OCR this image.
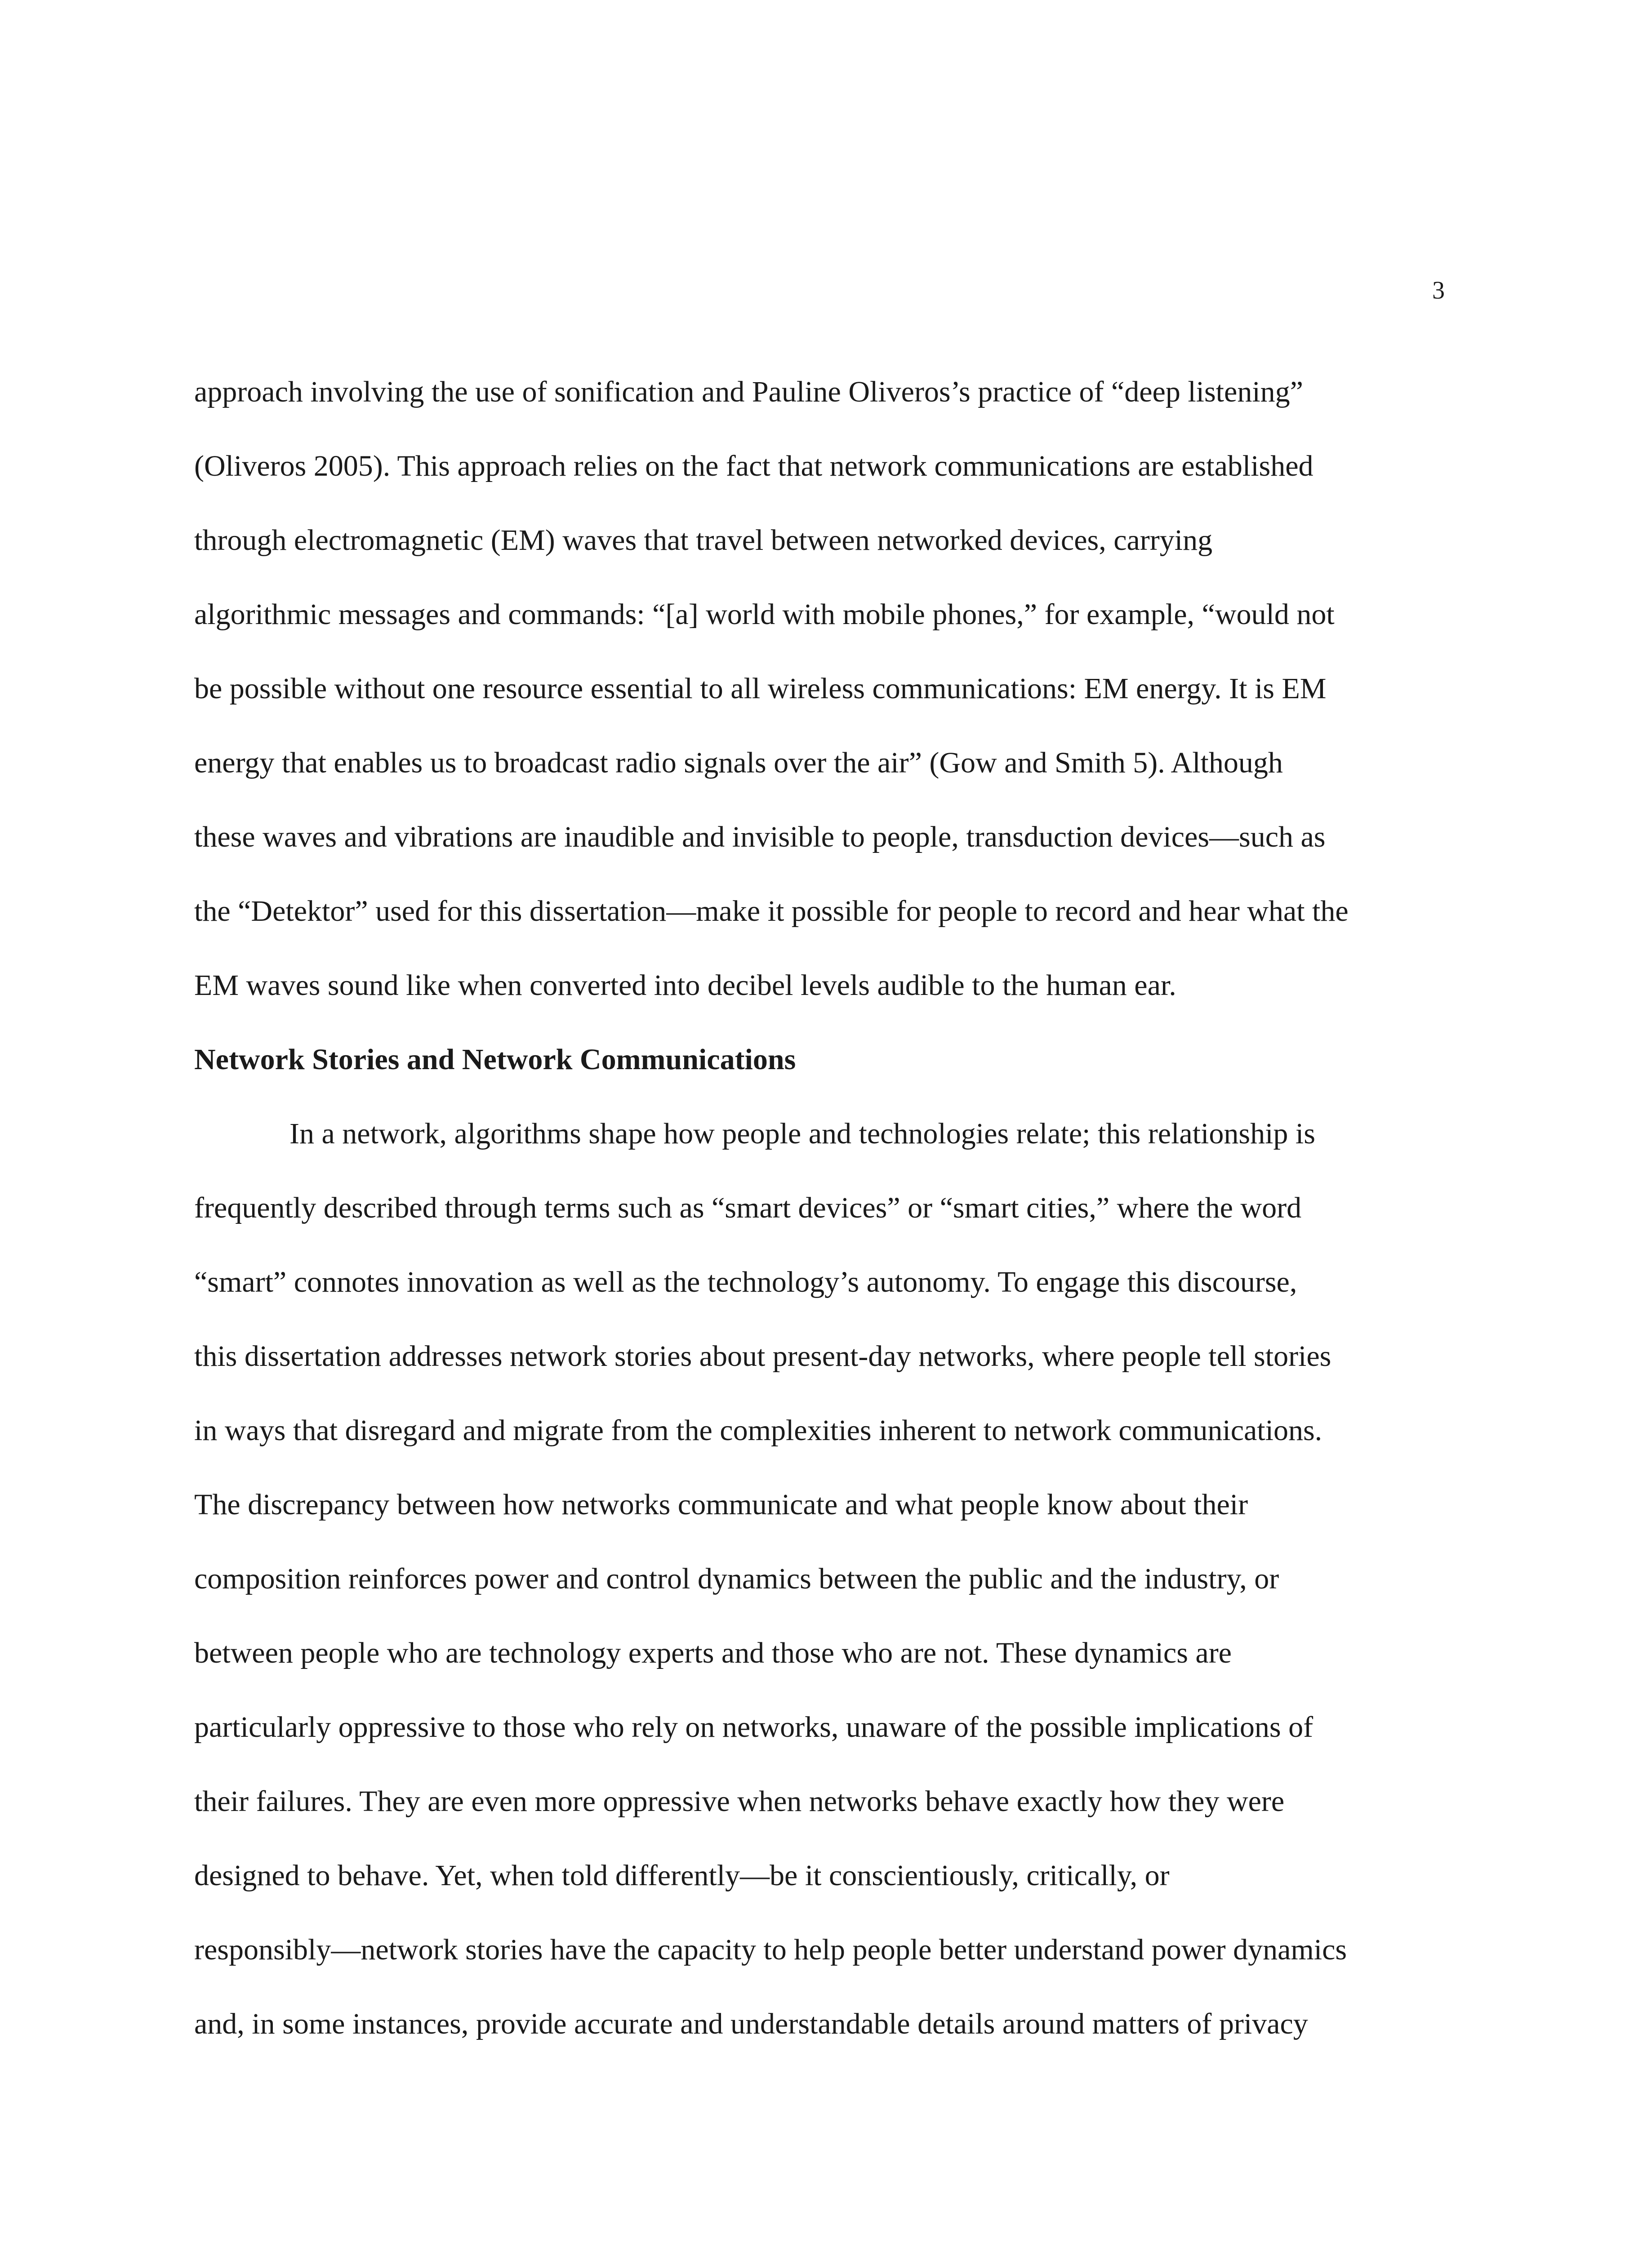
3
approach involving the use of sonification and Pauline Oliveros’s practice of “deep listening”
(Oliveros 2005). This approach relies on the fact that network communications are established
through electromagnetic (EM) waves that travel between networked devices, carrying
algorithmic messages and commands: “[a] world with mobile phones,” for example, “would not
be possible without one resource essential to all wireless communications: EM energy. It is EM
energy that enables us to broadcast radio signals over the air” (Gow and Smith 5). Although
these waves and vibrations are inaudible and invisible to people, transduction devices—such as
the “Detektor” used for this dissertation—make it possible for people to record and hear what the
EM waves sound like when converted into decibel levels audible to the human ear.
Network Stories and Network Communications
In a network, algorithms shape how people and technologies relate; this relationship is
frequently described through terms such as “smart devices” or “smart cities,” where the word
“smart” connotes innovation as well as the technology’s autonomy. To engage this discourse,
this dissertation addresses network stories about present-day networks, where people tell stories
in ways that disregard and migrate from the complexities inherent to network communications.
The discrepancy between how networks communicate and what people know about their
composition reinforces power and control dynamics between the public and the industry, or
between people who are technology experts and those who are not. These dynamics are
particularly oppressive to those who rely on networks, unaware of the possible implications of
their failures. They are even more oppressive when networks behave exactly how they were
designed to behave. Yet, when told differently—be it conscientiously, critically, or
responsibly—network stories have the capacity to help people better understand power dynamics
and, in some instances, provide accurate and understandable details around matters of privacy
